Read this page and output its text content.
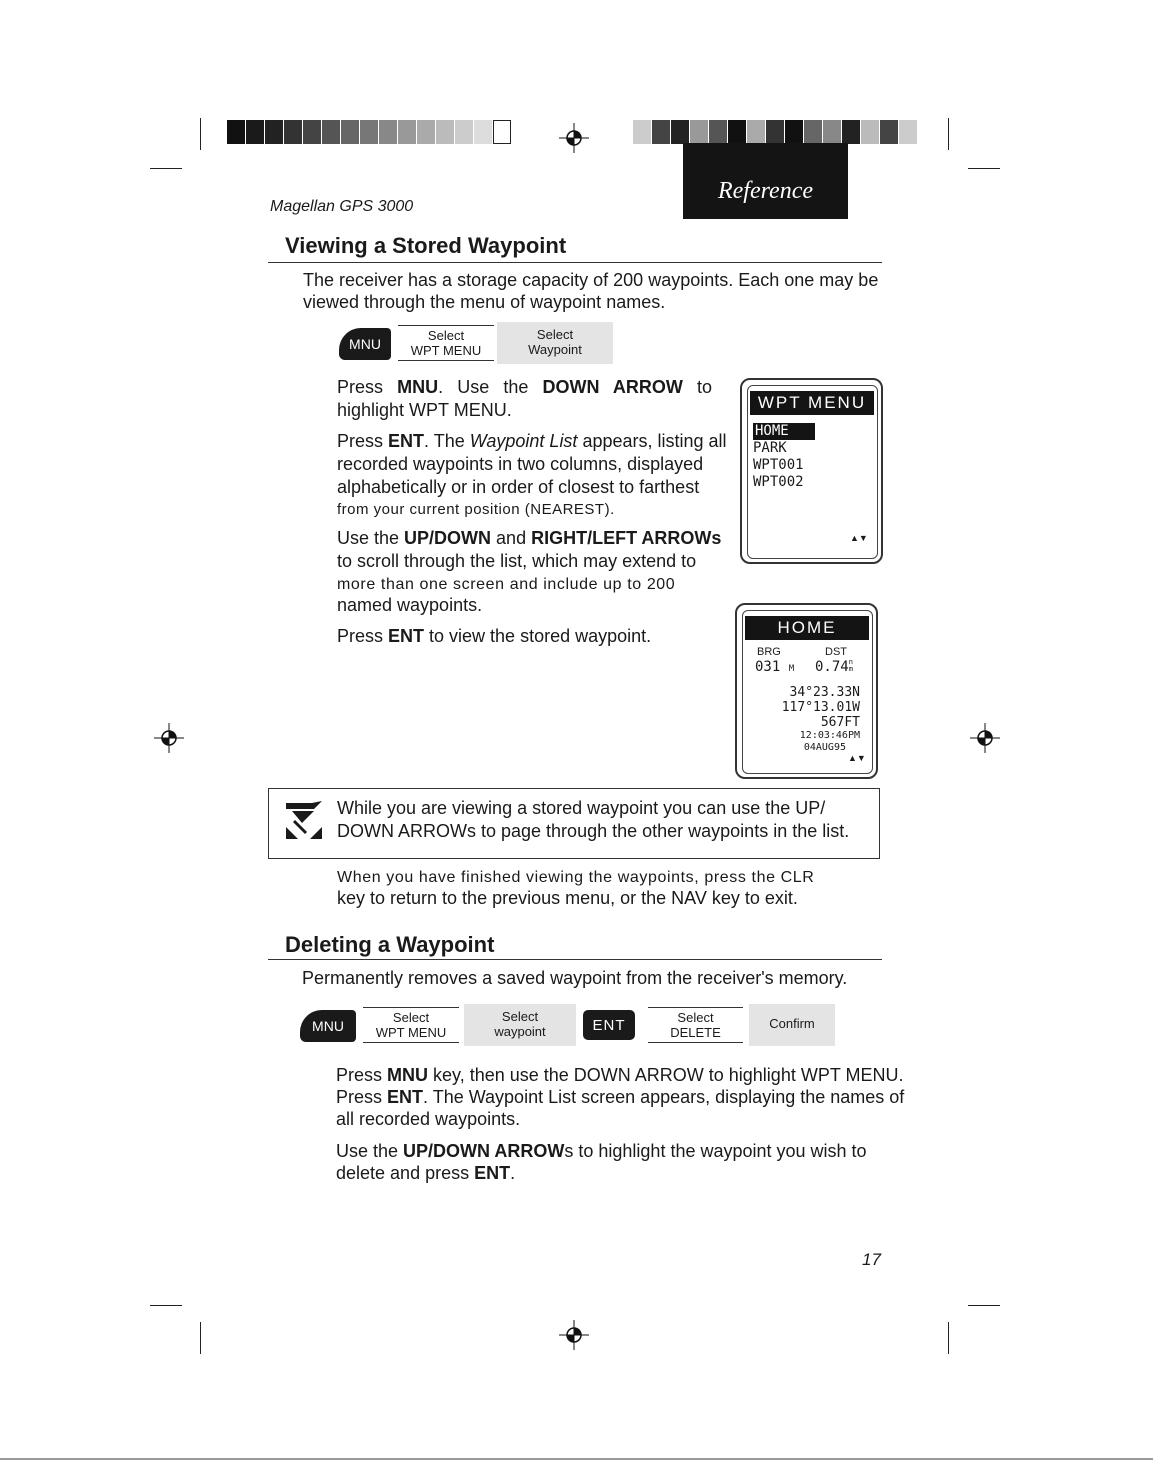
Magellan GPS 3000
Reference
Viewing a Stored Waypoint

The receiver has a storage capacity of 200 waypoints. Each one may be

viewed through the menu of waypoint names.

MNU
Select
WPT MENU
Select
Waypoint

Press MNU. Use the DOWN ARROW to

highlight WPT MENU.

Press ENT. The Waypoint List appears, listing all

recorded waypoints in two columns, displayed

alphabetically or in order of closest to farthest

from your current position (NEAREST).

Use the UP/DOWN and RIGHT/LEFT ARROWs

to scroll through the list, which may extend to

more than one screen and include up to 200

named waypoints.

Press ENT to view the stored waypoint.

WPT MENU
HOME
PARK
WPT001
WPT002
▲▼
HOME
BRG	DST
031 M 0.74 n
m
34°23.33N
117°13.01W
567FT
12:03:46PM
04AUG95
▲▼

While you are viewing a stored waypoint you can use the UP/

DOWN ARROWs to page through the other waypoints in the list.

When you have finished viewing the waypoints, press the CLR

key to return to the previous menu, or the NAV key to exit.

Deleting a Waypoint

Permanently removes a saved waypoint from the receiver's memory.

MNU
Select
WPT MENU
Select
waypoint	ENT	Select
DELETE
Confirm

Press MNU key, then use the DOWN ARROW to highlight WPT MENU.

Press ENT. The Waypoint List screen appears, displaying the names of

all recorded waypoints.

Use the UP/DOWN ARROWs to highlight the waypoint you wish to

delete and press ENT.

17
